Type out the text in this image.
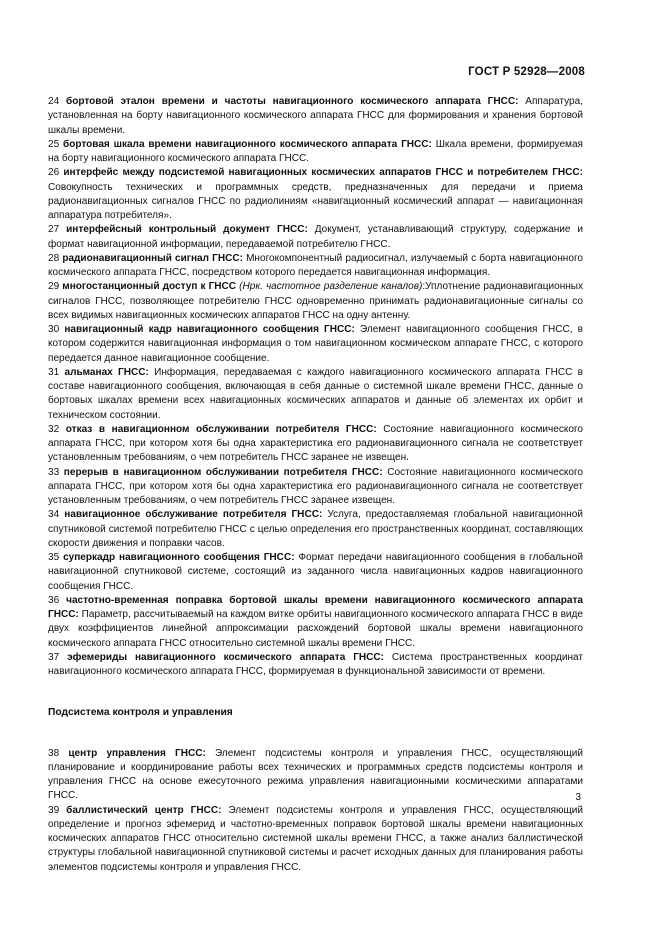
ГОСТ Р 52928—2008

24 бортовой эталон времени и частоты навигационного космического аппарата ГНСС: Аппаратура, установленная на борту навигационного космического аппарата ГНСС для формирования и хранения бортовой шкалы времени.

25 бортовая шкала времени навигационного космического аппарата ГНСС: Шкала времени, формируемая на борту навигационного космического аппарата ГНСС.

26 интерфейс между подсистемой навигационных космических аппаратов ГНСС и потребителем ГНСС: Совокупность технических и программных средств, предназначенных для передачи и приема радионавигационных сигналов ГНСС по радиолиниям «навигационный космический аппарат — навигационная аппаратура потребителя».

27 интерфейсный контрольный документ ГНСС: Документ, устанавливающий структуру, содержание и формат навигационной информации, передаваемой потребителю ГНСС.

28 радионавигационный сигнал ГНСС: Многокомпонентный радиосигнал, излучаемый с борта навигационного космического аппарата ГНСС, посредством которого передается навигационная информация.

29 многостанционный доступ к ГНСС (Нрк. частотное разделение каналов):Уплотнение радионавигационных сигналов ГНСС, позволяющее потребителю ГНСС одновременно принимать радионавигационные сигналы со всех видимых навигационных космических аппаратов ГНСС на одну антенну.

30 навигационный кадр навигационного сообщения ГНСС: Элемент навигационного сообщения ГНСС, в котором содержится навигационная информация о том навигационном космическом аппарате ГНСС, с которого передается данное навигационное сообщение.

31 альманах ГНСС: Информация, передаваемая с каждого навигационного космического аппарата ГНСС в составе навигационного сообщения, включающая в себя данные о системной шкале времени ГНСС, данные о бортовых шкалах времени всех навигационных космических аппаратов и данные об элементах их орбит и техническом состоянии.

32 отказ в навигационном обслуживании потребителя ГНСС: Состояние навигационного космического аппарата ГНСС, при котором хотя бы одна характеристика его радионавигационного сигнала не соответствует установленным требованиям, о чем потребитель ГНСС заранее не извещен.

33 перерыв в навигационном обслуживании потребителя ГНСС: Состояние навигационного космического аппарата ГНСС, при котором хотя бы одна характеристика его радионавигационного сигнала не соответствует установленным требованиям, о чем потребитель ГНСС заранее извещен.

34 навигационное обслуживание потребителя ГНСС: Услуга, предоставляемая глобальной навигационной спутниковой системой потребителю ГНСС с целью определения его пространственных координат, составляющих скорости движения и поправки часов.

35 суперкадр навигационного сообщения ГНСС: Формат передачи навигационного сообщения в глобальной навигационной спутниковой системе, состоящий из заданного числа навигационных кадров навигационного сообщения ГНСС.

36 частотно-временная поправка бортовой шкалы времени навигационного космического аппарата ГНСС: Параметр, рассчитываемый на каждом витке орбиты навигационного космического аппарата ГНСС в виде двух коэффициентов линейной аппроксимации расхождений бортовой шкалы времени навигационного космического аппарата ГНСС относительно системной шкалы времени ГНСС.

37 эфемериды навигационного космического аппарата ГНСС: Система пространственных координат навигационного космического аппарата ГНСС, формируемая в функциональной зависимости от времени.

Подсистема контроля и управления

38 центр управления ГНСС: Элемент подсистемы контроля и управления ГНСС, осуществляющий планирование и координирование работы всех технических и программных средств подсистемы контроля и управления ГНСС на основе ежесуточного режима управления навигационными космическими аппаратами ГНСС.

39 баллистический центр ГНСС: Элемент подсистемы контроля и управления ГНСС, осуществляющий определение и прогноз эфемерид и частотно-временных поправок бортовой шкалы времени навигационных космических аппаратов ГНСС относительно системной шкалы времени ГНСС, а также анализ баллистической структуры глобальной навигационной спутниковой системы и расчет исходных данных для планирования работы элементов подсистемы контроля и управления ГНСС.

3
